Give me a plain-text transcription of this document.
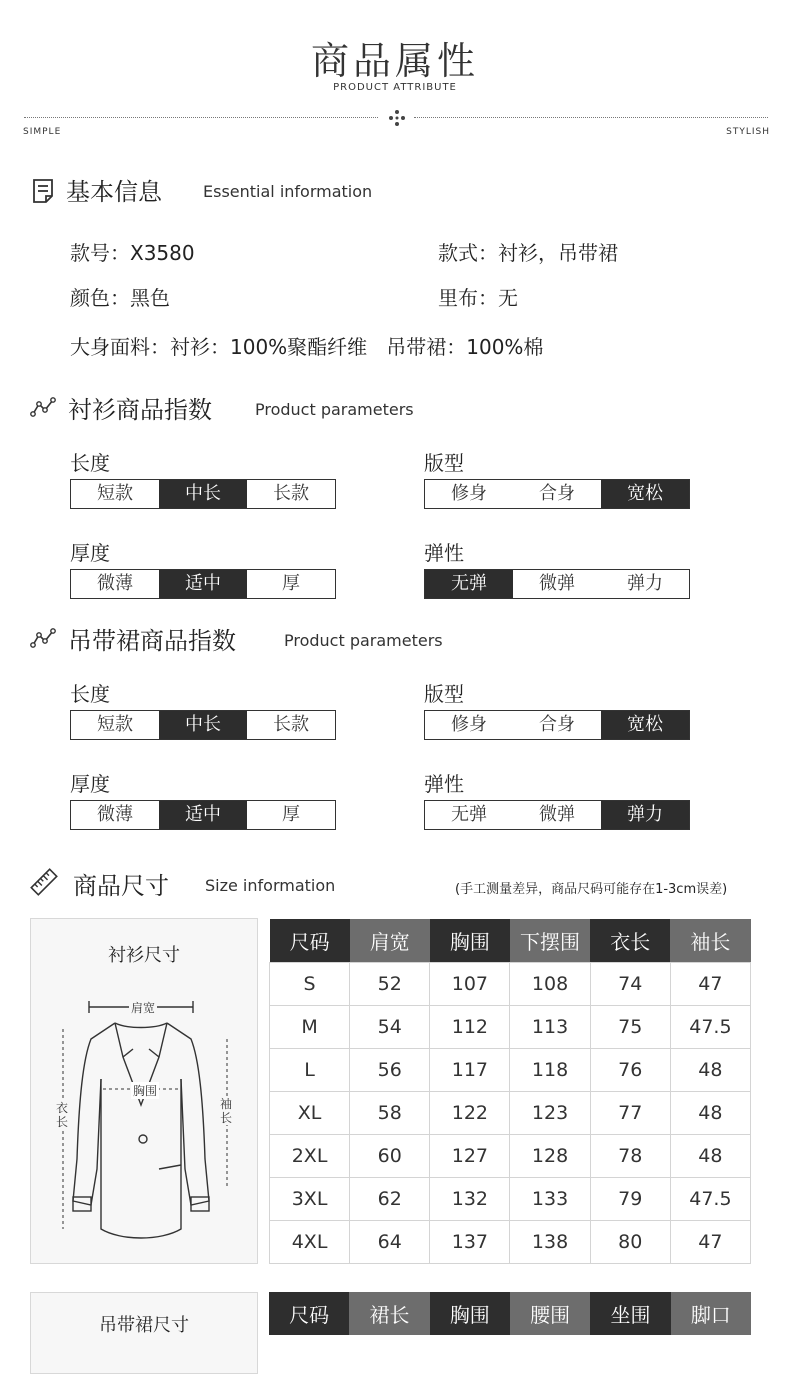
商品属性
PRODUCT ATTRIBUTE
SIMPLE	STYLISH
基本信息	Essential information
款号：X3580	款式：衬衫，吊带裙
颜色：黑色	里布：无
大身面料：衬衫：100%聚酯纤维   吊带裙：100%棉
衬衫商品指数	Product parameters
长度
短款	中长	长款
版型
修身	合身	宽松
厚度
微薄	适中	厚
弹性
无弹	微弹	弹力
吊带裙商品指数	Product parameters
长度
短款	中长	长款
版型
修身	合身	宽松
厚度
微薄	适中	厚
弹性
无弹	微弹	弹力
商品尺寸 Size information	(手工测量差异，商品尺码可能存在1-3cm误差)
衬衫尺寸
肩宽
胸围
衣长
袖长
尺码	肩宽	胸围	下摆围	衣长	袖长
S	52	107	108	74	47
M	54	112	113	75	47.5
L	56	117	118	76	48
XL	58	122	123	77	48
2XL	60	127	128	78	48
3XL	62	132	133	79	47.5
4XL	64	137	138	80	47
吊带裙尺寸	尺码	裙长	胸围	腰围	坐围	脚口
